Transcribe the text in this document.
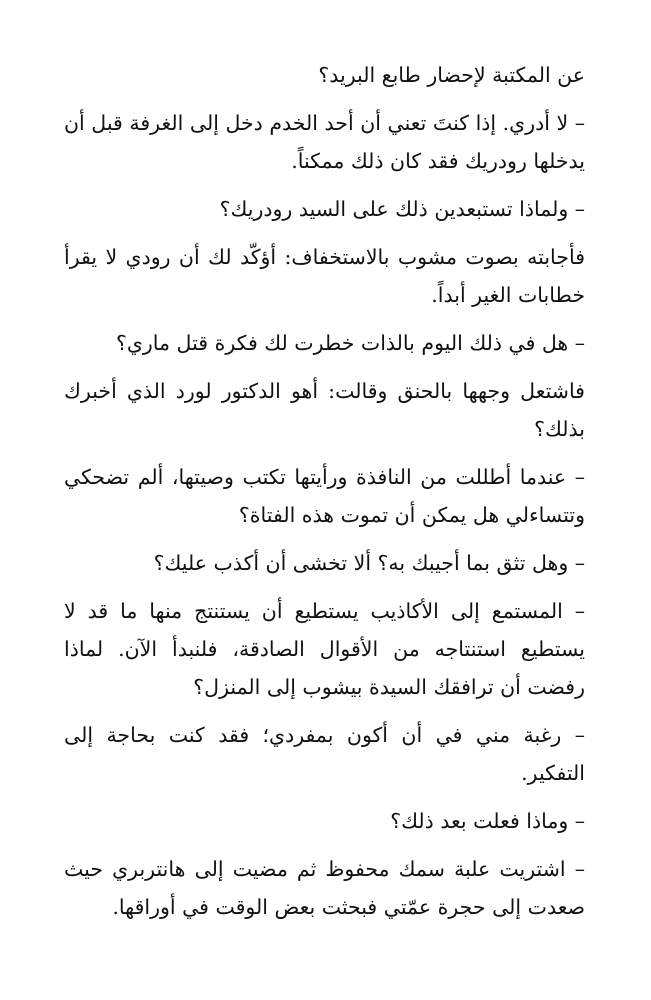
عن المكتبة لإحضار طابع البريد؟

– لا أدري. إذا كنتَ تعني أن أحد الخدم دخل إلى الغرفة قبل أن يدخلها رودريك فقد كان ذلك ممكناً.

– ولماذا تستبعدين ذلك على السيد رودريك؟

فأجابته بصوت مشوب بالاستخفاف: أؤكّد لك أن رودي لا يقرأ خطابات الغير أبداً.

– هل في ذلك اليوم بالذات خطرت لك فكرة قتل ماري؟

فاشتعل وجهها بالحنق وقالت: أهو الدكتور لورد الذي أخبرك بذلك؟

– عندما أطللت من النافذة ورأيتها تكتب وصيتها، ألم تضحكي وتتساءلي هل يمكن أن تموت هذه الفتاة؟

– وهل تثق بما أجيبك به؟ ألا تخشى أن أكذب عليك؟

– المستمع إلى الأكاذيب يستطيع أن يستنتج منها ما قد لا يستطيع استنتاجه من الأقوال الصادقة، فلنبدأ الآن. لماذا رفضت أن ترافقك السيدة بيشوب إلى المنزل؟

– رغبة مني في أن أكون بمفردي؛ فقد كنت بحاجة إلى التفكير.

– وماذا فعلت بعد ذلك؟

– اشتريت علبة سمك محفوظ ثم مضيت إلى هانتربري حيث صعدت إلى حجرة عمّتي فبحثت بعض الوقت في أوراقها.
